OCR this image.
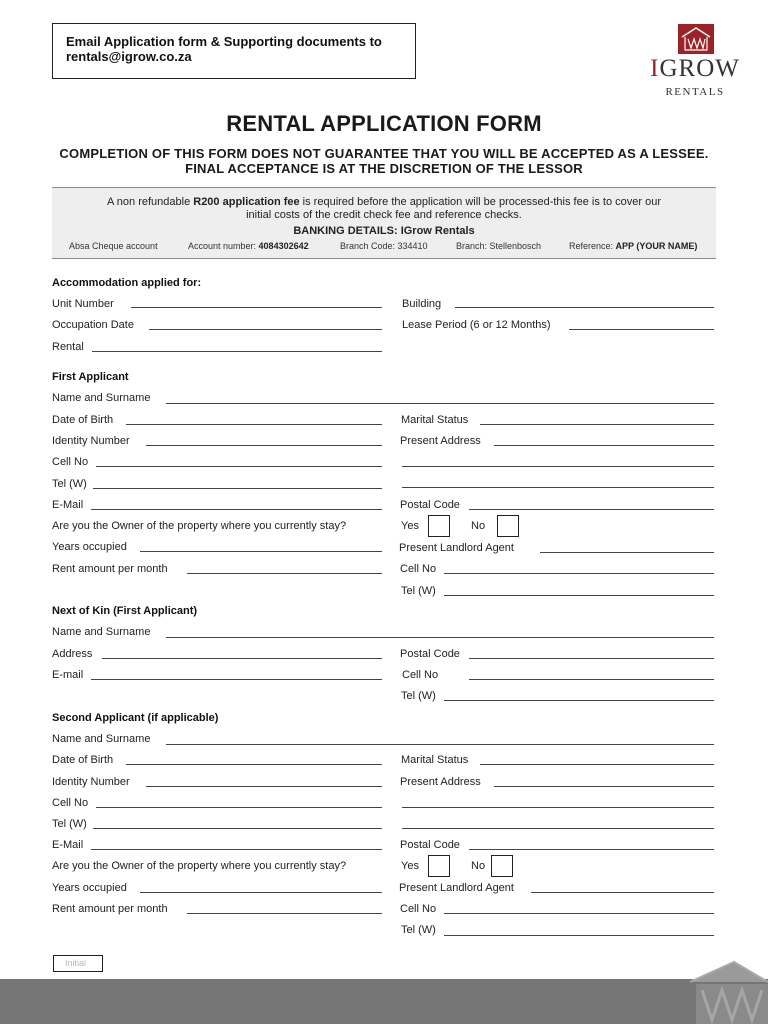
Email Application form & Supporting documents to
rentals@igrow.co.za	IGROW
RENTALS
RENTAL APPLICATION FORM
COMPLETION OF THIS FORM DOES NOT GUARANTEE THAT YOU WILL BE ACCEPTED AS A LESSEE.
FINAL ACCEPTANCE IS AT THE DISCRETION OF THE LESSOR
A non refundable R200 application fee is required before the application will be processed-this fee is to cover our
initial costs of the credit check fee and reference checks.
BANKING DETAILS: IGrow Rentals
Absa Cheque account	Account number: 4084302642	Branch Code: 334410	Branch: Stellenbosch	Reference: APP (YOUR NAME)
Accommodation applied for:
Unit Number	Building
Occupation Date	Lease Period (6 or 12 Months)
Rental
First Applicant
Name and Surname
Date of Birth	Marital Status
Identity Number	Present Address
Cell No
Tel (W)
E-Mail	Postal Code
Are you the Owner of the property where you currently stay?	Yes	No
Years occupied	Present Landlord Agent
Rent amount per month	Cell No
Tel (W)
Next of Kin (First Applicant)
Name and Surname
Address	Postal Code
E-mail	Cell No
Tel (W)
Second Applicant (if applicable)
Name and Surname
Date of Birth	Marital Status
Identity Number	Present Address
Cell No
Tel (W)
E-Mail	Postal Code
Are you the Owner of the property where you currently stay?	Yes	No
Years occupied	Present Landlord Agent
Rent amount per month	Cell No
Tel (W)
Initial
